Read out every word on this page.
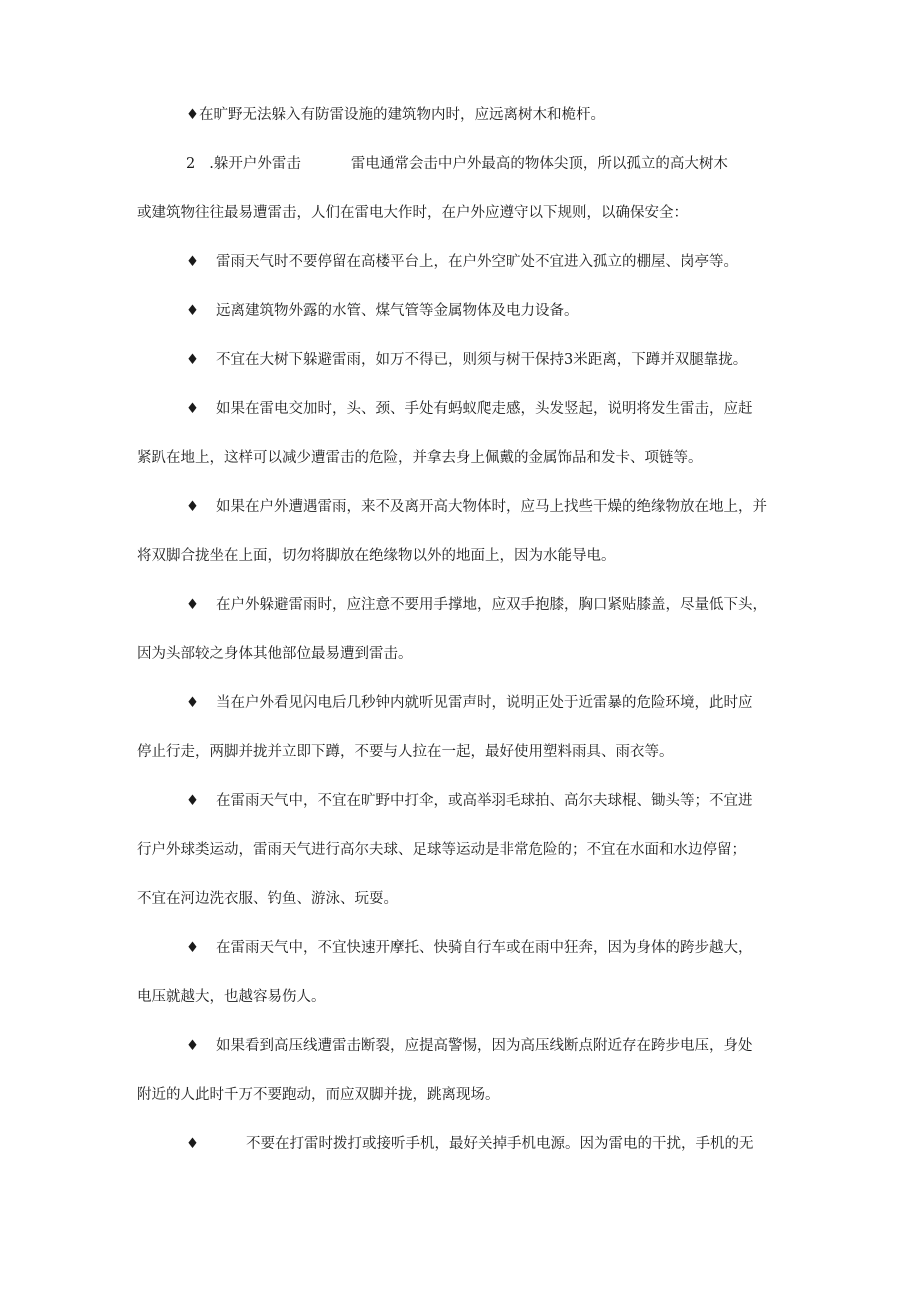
♦在旷野无法躲入有防雷设施的建筑物内时，应远离树木和桅杆。
2 .躲开户外雷击	雷电通常会击中户外最高的物体尖顶，所以孤立的高大树木
或建筑物往往最易遭雷击，人们在雷电大作时，在户外应遵守以下规则，以确保安全：
♦ 雷雨天气时不要停留在高楼平台上，在户外空旷处不宜进入孤立的棚屋、岗亭等。
♦ 远离建筑物外露的水管、煤气管等金属物体及电力设备。
♦ 不宜在大树下躲避雷雨，如万不得已，则须与树干保持3米距离，下蹲并双腿靠拢。
♦ 如果在雷电交加时，头、颈、手处有蚂蚁爬走感，头发竖起，说明将发生雷击，应赶
紧趴在地上，这样可以减少遭雷击的危险，并拿去身上佩戴的金属饰品和发卡、项链等。
♦ 如果在户外遭遇雷雨，来不及离开高大物体时，应马上找些干燥的绝缘物放在地上，并
将双脚合拢坐在上面，切勿将脚放在绝缘物以外的地面上，因为水能导电。
♦ 在户外躲避雷雨时，应注意不要用手撑地，应双手抱膝，胸口紧贴膝盖，尽量低下头，
因为头部较之身体其他部位最易遭到雷击。
♦ 当在户外看见闪电后几秒钟内就听见雷声时，说明正处于近雷暴的危险环境，此时应
停止行走，两脚并拢并立即下蹲，不要与人拉在一起，最好使用塑料雨具、雨衣等。
♦ 在雷雨天气中，不宜在旷野中打伞，或高举羽毛球拍、高尔夫球棍、锄头等；不宜进
行户外球类运动，雷雨天气进行高尔夫球、足球等运动是非常危险的；不宜在水面和水边停留；
不宜在河边洗衣服、钓鱼、游泳、玩耍。
♦ 在雷雨天气中，不宜快速开摩托、快骑自行车或在雨中狂奔，因为身体的跨步越大，
电压就越大，也越容易伤人。
♦ 如果看到高压线遭雷击断裂，应提高警惕，因为高压线断点附近存在跨步电压，身处
附近的人此时千万不要跑动，而应双脚并拢，跳离现场。
♦	不要在打雷时拨打或接听手机，最好关掉手机电源。因为雷电的干扰，手机的无
